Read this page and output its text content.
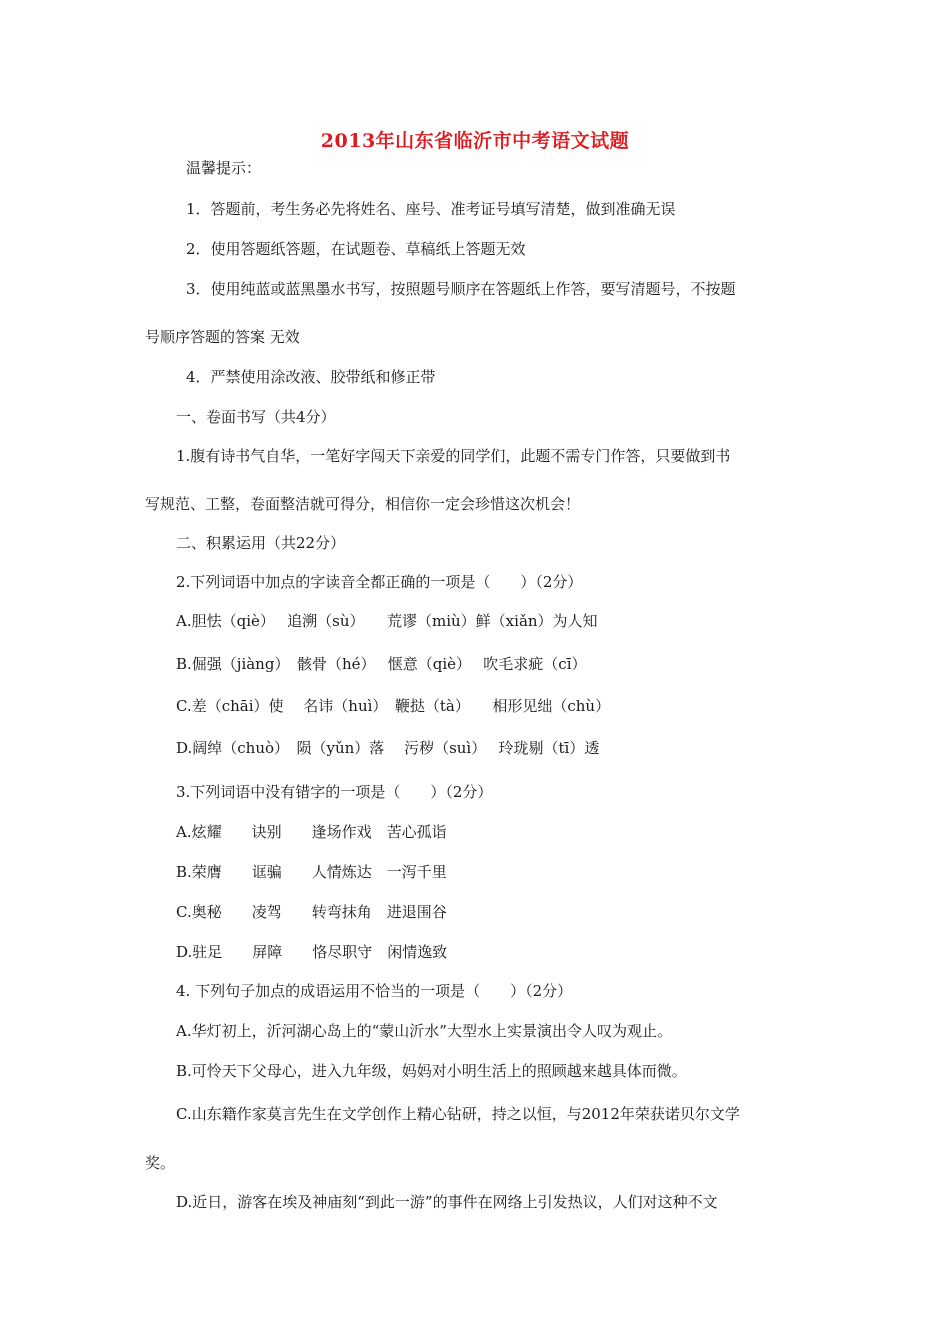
2013年山东省临沂市中考语文试题
温馨提示：
1．答题前，考生务必先将姓名、座号、准考证号填写清楚，做到准确无误
2．使用答题纸答题，在试题卷、草稿纸上答题无效
3．使用纯蓝或蓝黑墨水书写，按照题号顺序在答题纸上作答，要写清题号，不按题
号顺序答题的答案 无效
4．严禁使用涂改液、胶带纸和修正带
一、卷面书写（共4分）
1.腹有诗书气自华，一笔好字闯天下亲爱的同学们，此题不需专门作答，只要做到书
写规范、工整，卷面整洁就可得分，相信你一定会珍惜这次机会！
二、积累运用（共22分）
2.下列词语中加点的字读音全都正确的一项是（　　）（2分）
A.胆怯（qiè）　 追溯（sù）　　荒谬（miù）鲜（xiǎn）为人知
B.倔强（jiàng）　骸骨（hé）　 惬意（qiè）　 吹毛求疵（cī）
C.差（chāi）使　 名讳（huì）　鞭挞（tà）　　相形见绌（chù）
D.阔绰（chuò）　陨（yǔn）落　 污秽（suì）　 玲珑剔（tī）透
3.下列词语中没有错字的一项是（　　）（2分）
A.炫耀　　诀别　　逢场作戏　苦心孤诣
B.荣膺　　诓骗　　人情炼达　一泻千里
C.奥秘　　凌驾　　转弯抹角　进退围谷
D.驻足　　屏障　　恪尽职守　闲情逸致
4. 下列句子加点的成语运用不恰当的一项是（　　）（2分）
A.华灯初上，沂河湖心岛上的“蒙山沂水”大型水上实景演出令人叹为观止。
B.可怜天下父母心，进入九年级，妈妈对小明生活上的照顾越来越具体而微。
C.山东籍作家莫言先生在文学创作上精心钻研，持之以恒，与2012年荣获诺贝尔文学
奖。
D.近日，游客在埃及神庙刻“到此一游”的事件在网络上引发热议，人们对这种不文
